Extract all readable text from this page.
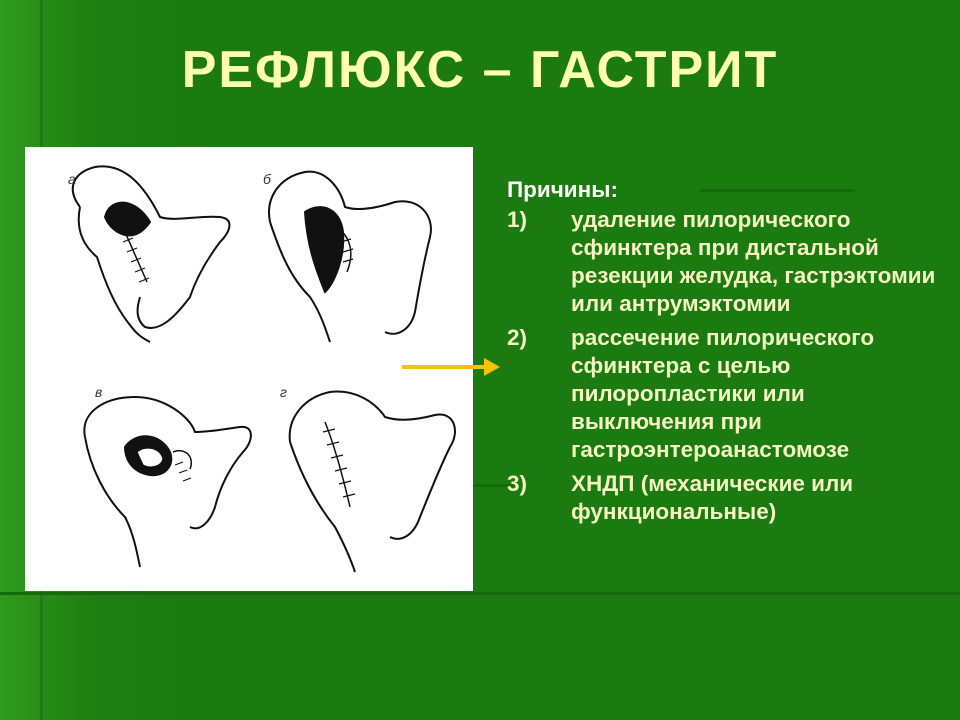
РЕФЛЮКС – ГАСТРИТ
а	б
в	г
Причины:
1) удаление пилорического сфинктера при дистальной резекции желудка, гастрэктомии или антрумэктомии
2) рассечение пилорического сфинктера с целью пилоропластики или выключения при гастроэнтероанастомозе
3) ХНДП (механические или функциональные)
